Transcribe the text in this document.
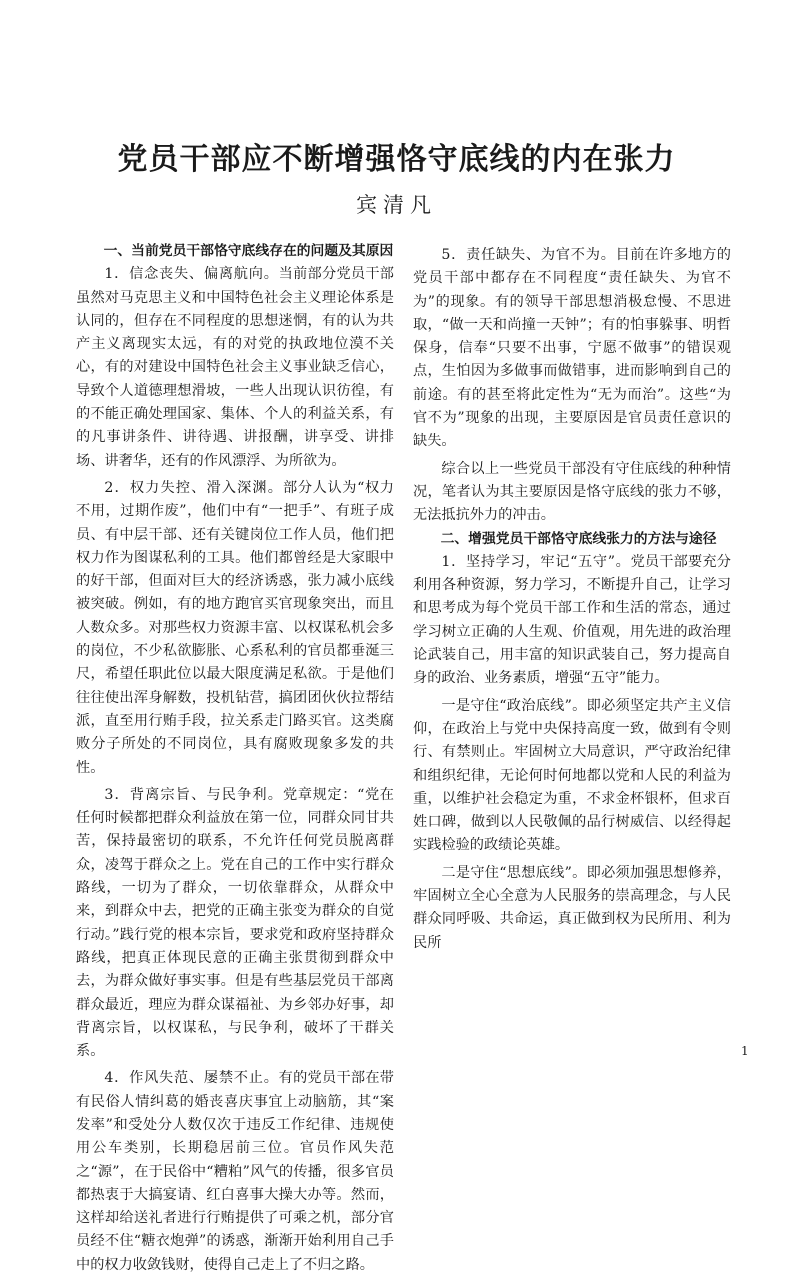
党员干部应不断增强恪守底线的内在张力

宾清凡

一、当前党员干部恪守底线存在的问题及其原因

1．信念丧失、偏离航向。当前部分党员干部虽然对马克思主义和中国特色社会主义理论体系是认同的，但存在不同程度的思想迷惘，有的认为共产主义离现实太远，有的对党的执政地位漠不关心，有的对建设中国特色社会主义事业缺乏信心，导致个人道德理想滑坡，一些人出现认识彷徨，有的不能正确处理国家、集体、个人的利益关系，有的凡事讲条件、讲待遇、讲报酬，讲享受、讲排场、讲奢华，还有的作风漂浮、为所欲为。

2．权力失控、滑入深渊。部分人认为“权力不用，过期作废”，他们中有“一把手”、有班子成员、有中层干部、还有关键岗位工作人员，他们把权力作为图谋私利的工具。他们都曾经是大家眼中的好干部，但面对巨大的经济诱惑，张力减小底线被突破。例如，有的地方跑官买官现象突出，而且人数众多。对那些权力资源丰富、以权谋私机会多的岗位，不少私欲膨胀、心系私利的官员都垂涎三尺，希望任职此位以最大限度满足私欲。于是他们往往使出浑身解数，投机钻营，搞团团伙伙拉帮结派，直至用行贿手段，拉关系走门路买官。这类腐败分子所处的不同岗位，具有腐败现象多发的共性。

3．背离宗旨、与民争利。党章规定：“党在任何时候都把群众利益放在第一位，同群众同甘共苦，保持最密切的联系，不允许任何党员脱离群众，凌驾于群众之上。党在自己的工作中实行群众路线，一切为了群众，一切依靠群众，从群众中来，到群众中去，把党的正确主张变为群众的自觉行动。”践行党的根本宗旨，要求党和政府坚持群众路线，把真正体现民意的正确主张贯彻到群众中去，为群众做好事实事。但是有些基层党员干部离群众最近，理应为群众谋福祉、为乡邻办好事，却背离宗旨，以权谋私，与民争利，破坏了干群关系。

4．作风失范、屡禁不止。有的党员干部在带有民俗人情纠葛的婚丧喜庆事宜上动脑筋，其“案发率”和受处分人数仅次于违反工作纪律、违规使用公车类别，长期稳居前三位。官员作风失范之“源”，在于民俗中“糟粕”风气的传播，很多官员都热衷于大搞宴请、红白喜事大操大办等。然而，这样却给送礼者进行行贿提供了可乘之机，部分官员经不住“糖衣炮弹”的诱惑，渐渐开始利用自己手中的权力收敛钱财，使得自己走上了不归之路。

5．责任缺失、为官不为。目前在许多地方的党员干部中都存在不同程度“责任缺失、为官不为”的现象。有的领导干部思想消极怠慢、不思进取，“做一天和尚撞一天钟”；有的怕事躲事、明哲保身，信奉“只要不出事，宁愿不做事”的错误观点，生怕因为多做事而做错事，进而影响到自己的前途。有的甚至将此定性为“无为而治”。这些“为官不为”现象的出现，主要原因是官员责任意识的缺失。

综合以上一些党员干部没有守住底线的种种情况，笔者认为其主要原因是恪守底线的张力不够，无法抵抗外力的冲击。

二、增强党员干部恪守底线张力的方法与途径

1．坚持学习，牢记“五守”。党员干部要充分利用各种资源，努力学习，不断提升自己，让学习和思考成为每个党员干部工作和生活的常态，通过学习树立正确的人生观、价值观，用先进的政治理论武装自己，用丰富的知识武装自己，努力提高自身的政治、业务素质，增强“五守”能力。

一是守住“政治底线”。即必须坚定共产主义信仰，在政治上与党中央保持高度一致，做到有令则行、有禁则止。牢固树立大局意识，严守政治纪律和组织纪律，无论何时何地都以党和人民的利益为重，以维护社会稳定为重，不求金杯银杯，但求百姓口碑，做到以人民敬佩的品行树威信、以经得起实践检验的政绩论英雄。

二是守住“思想底线”。即必须加强思想修养，牢固树立全心全意为人民服务的崇高理念，与人民群众同呼吸、共命运，真正做到权为民所用、利为民所

1
